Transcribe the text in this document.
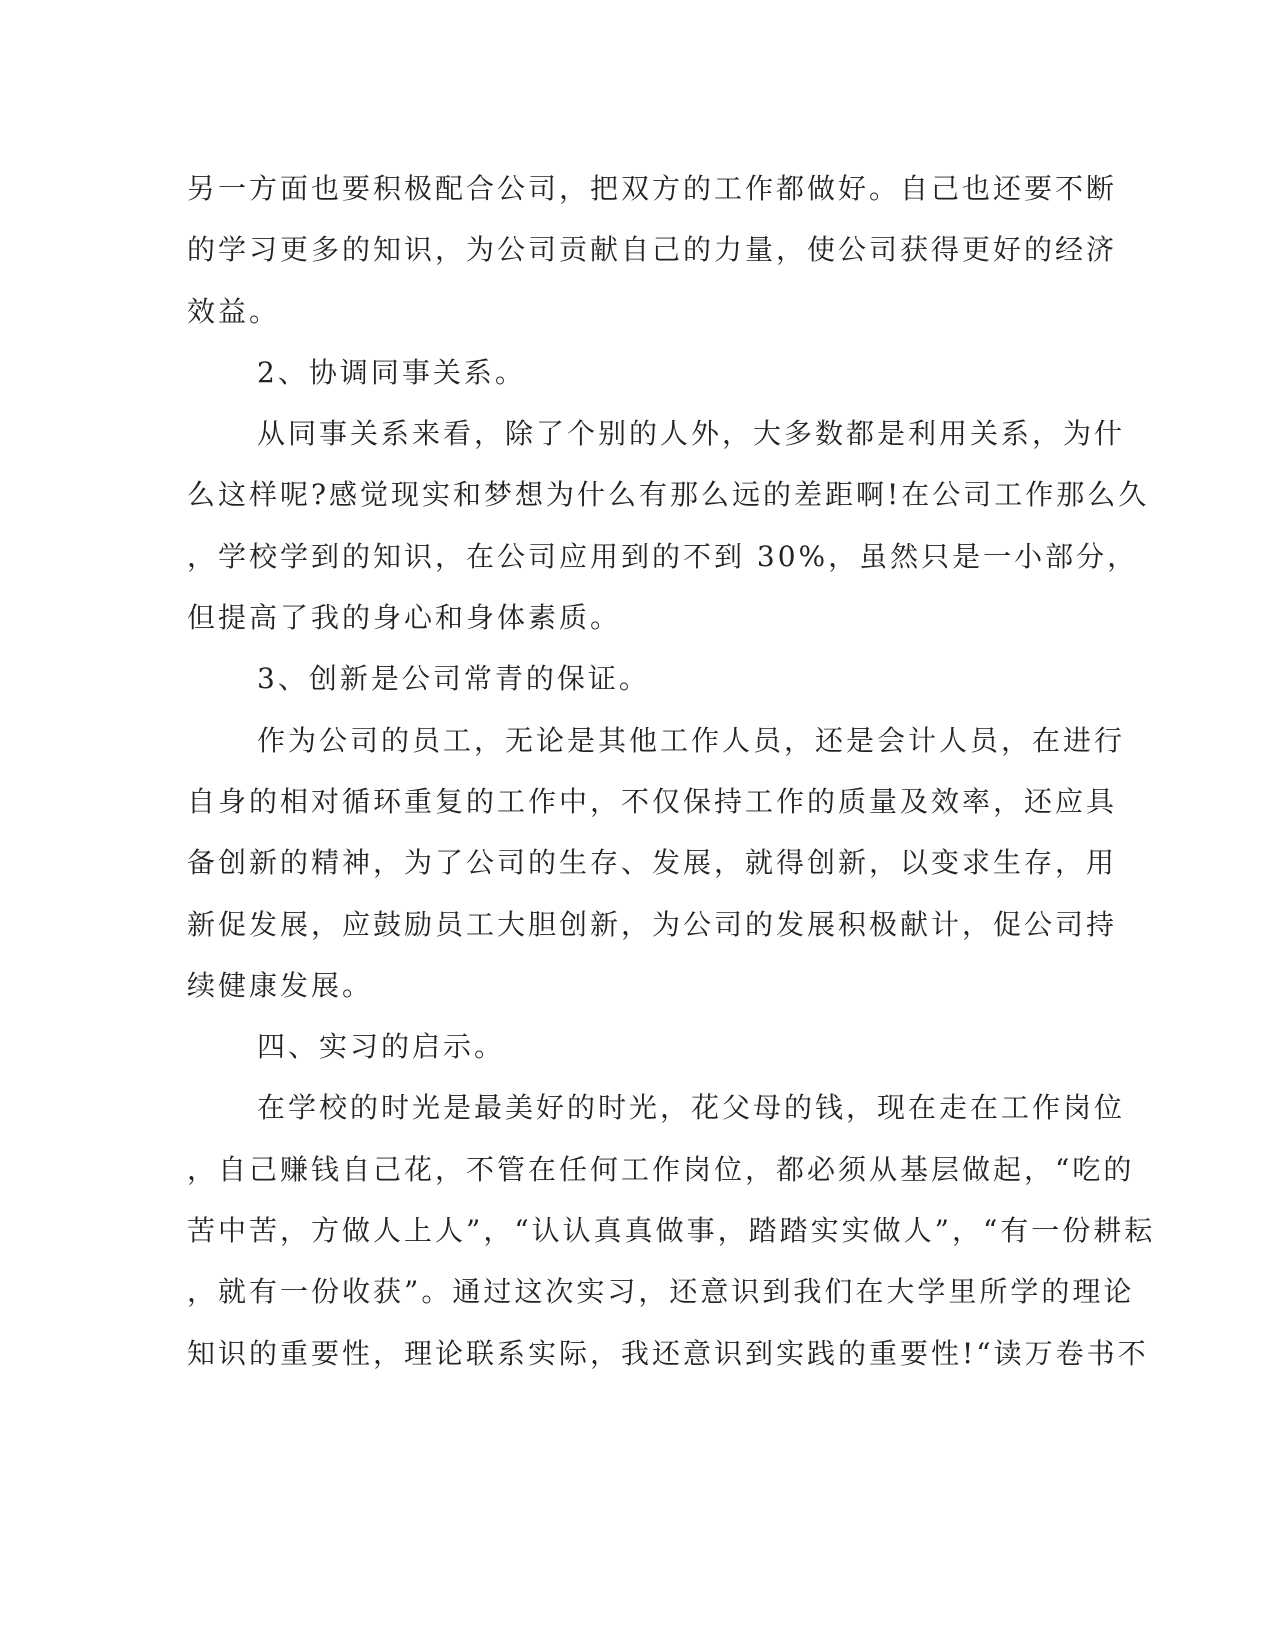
另一方面也要积极配合公司，把双方的工作都做好。自己也还要不断
的学习更多的知识，为公司贡献自己的力量，使公司获得更好的经济
效益。
2、协调同事关系。
从同事关系来看，除了个别的人外，大多数都是利用关系，为什
么这样呢?感觉现实和梦想为什么有那么远的差距啊!在公司工作那么久
，学校学到的知识，在公司应用到的不到 30%，虽然只是一小部分，
但提高了我的身心和身体素质。
3、创新是公司常青的保证。
作为公司的员工，无论是其他工作人员，还是会计人员，在进行
自身的相对循环重复的工作中，不仅保持工作的质量及效率，还应具
备创新的精神，为了公司的生存、发展，就得创新，以变求生存，用
新促发展，应鼓励员工大胆创新，为公司的发展积极献计，促公司持
续健康发展。
四、实习的启示。
在学校的时光是最美好的时光，花父母的钱，现在走在工作岗位
，自己赚钱自己花，不管在任何工作岗位，都必须从基层做起，“吃的
苦中苦，方做人上人”，“认认真真做事，踏踏实实做人”，“有一份耕耘
，就有一份收获”。通过这次实习，还意识到我们在大学里所学的理论
知识的重要性，理论联系实际，我还意识到实践的重要性!“读万卷书不
